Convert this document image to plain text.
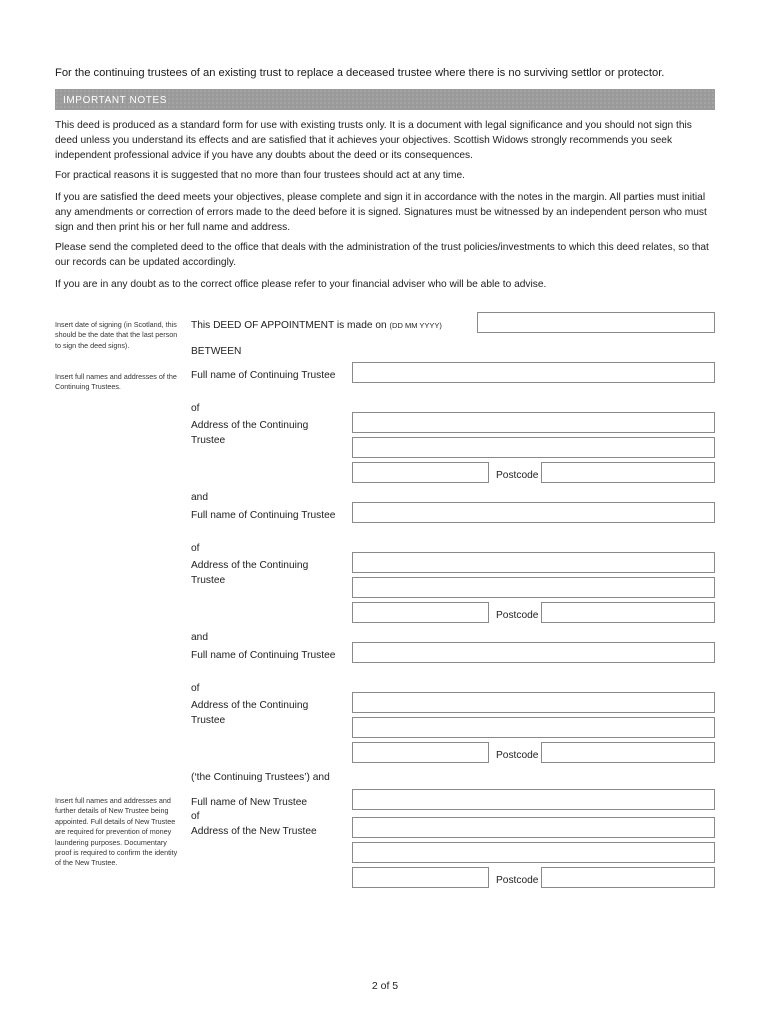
For the continuing trustees of an existing trust to replace a deceased trustee where there is no surviving settlor or protector.
IMPORTANT NOTES
This deed is produced as a standard form for use with existing trusts only. It is a document with legal significance and you should not sign this deed unless you understand its effects and are satisfied that it achieves your objectives. Scottish Widows strongly recommends you seek independent professional advice if you have any doubts about the deed or its consequences.
For practical reasons it is suggested that no more than four trustees should act at any time.
If you are satisfied the deed meets your objectives, please complete and sign it in accordance with the notes in the margin. All parties must initial any amendments or correction of errors made to the deed before it is signed. Signatures must be witnessed by an independent person who must sign and then print his or her full name and address.
Please send the completed deed to the office that deals with the administration of the trust policies/investments to which this deed relates, so that our records can be updated accordingly.
If you are in any doubt as to the correct office please refer to your financial adviser who will be able to advise.
Insert date of signing (in Scotland, this should be the date that the last person to sign the deed signs).
Insert full names and addresses of the Continuing Trustees.
Insert full names and addresses and further details of New Trustee being appointed. Full details of New Trustee are required for prevention of money laundering purposes. Documentary proof is required to confirm the identity of the New Trustee.
This DEED OF APPOINTMENT is made on (DD MM YYYY)
BETWEEN
Full name of Continuing Trustee
of
Address of the Continuing Trustee
Postcode
and
Full name of Continuing Trustee
of
Address of the Continuing Trustee
Postcode
and
Full name of Continuing Trustee
of
Address of the Continuing Trustee
Postcode
(‘the Continuing Trustees’) and
Full name of New Trustee
of
Address of the New Trustee
Postcode
2 of 5
